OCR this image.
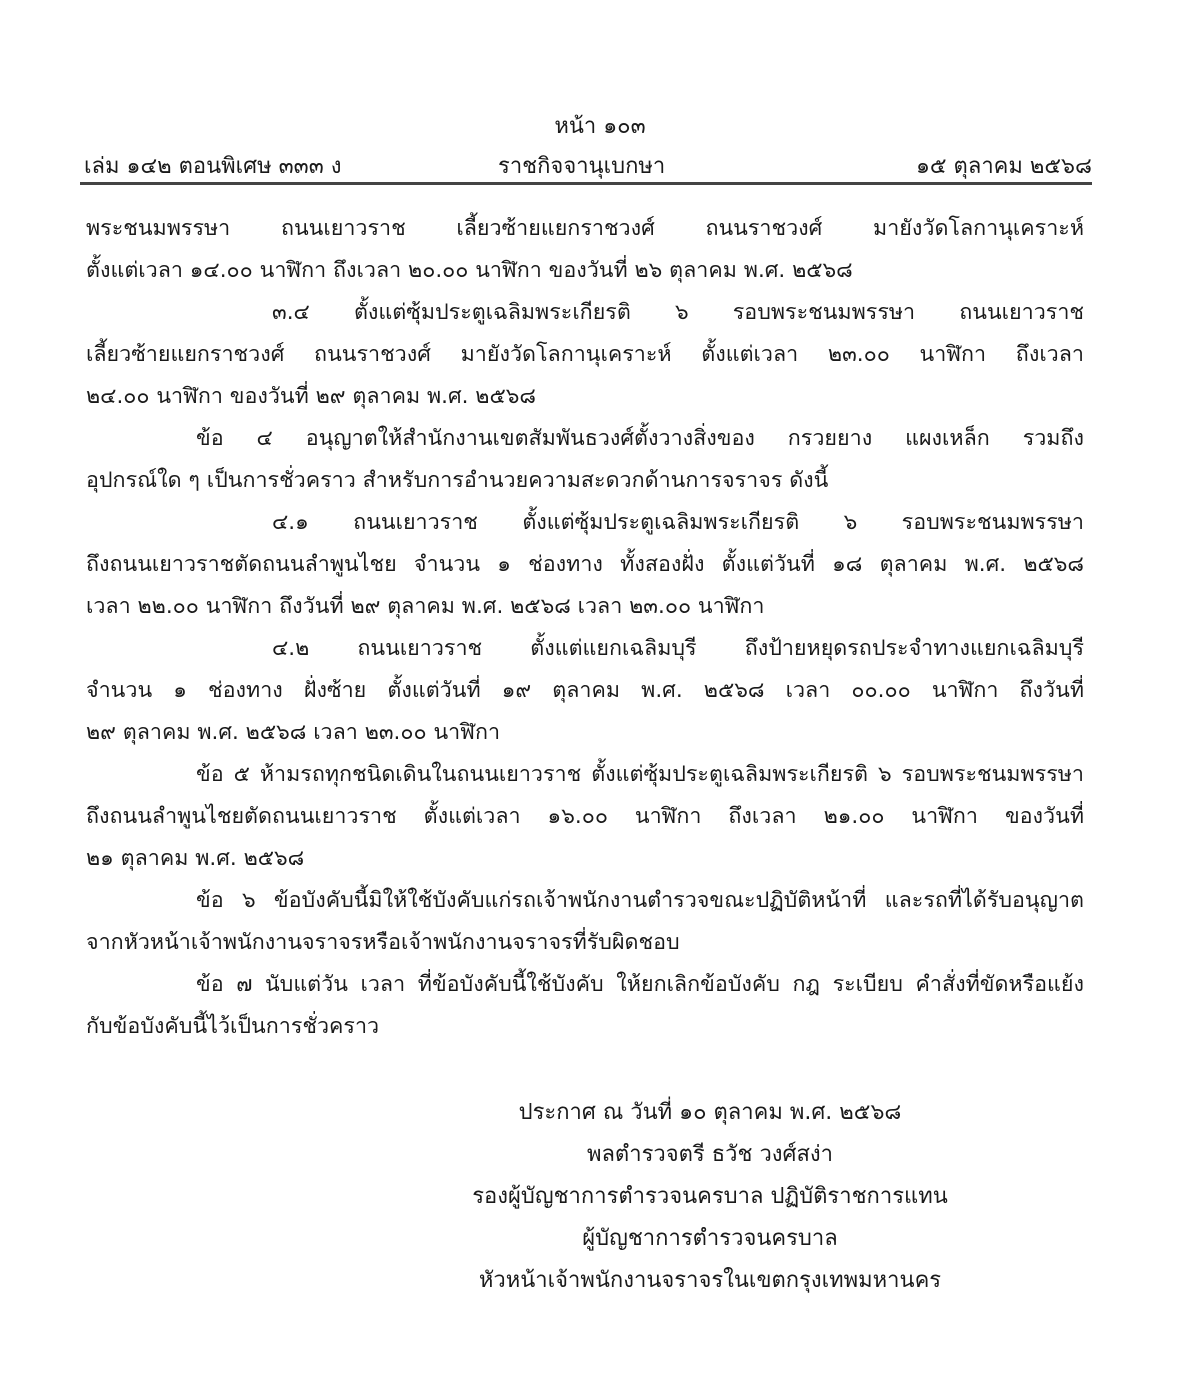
หน้า ๑๐๓
เล่ม ๑๔๒ ตอนพิเศษ ๓๓๓ ง	ราชกิจจานุเบกษา	๑๕ ตุลาคม ๒๕๖๘
พระชนมพรรษา ถนนเยาวราช เลี้ยวซ้ายแยกราชวงศ์ ถนนราชวงศ์ มายังวัดโลกานุเคราะห์
ตั้งแต่เวลา ๑๔.๐๐ นาฬิกา ถึงเวลา ๒๐.๐๐ นาฬิกา ของวันที่ ๒๖ ตุลาคม พ.ศ. ๒๕๖๘
๓.๔ ตั้งแต่ซุ้มประตูเฉลิมพระเกียรติ ๖ รอบพระชนมพรรษา ถนนเยาวราช
เลี้ยวซ้ายแยกราชวงศ์ ถนนราชวงศ์ มายังวัดโลกานุเคราะห์ ตั้งแต่เวลา ๒๓.๐๐ นาฬิกา ถึงเวลา
๒๔.๐๐ นาฬิกา ของวันที่ ๒๙ ตุลาคม พ.ศ. ๒๕๖๘
ข้อ ๔ อนุญาตให้สำนักงานเขตสัมพันธวงศ์ตั้งวางสิ่งของ กรวยยาง แผงเหล็ก รวมถึง
อุปกรณ์ใด ๆ เป็นการชั่วคราว สำหรับการอำนวยความสะดวกด้านการจราจร ดังนี้
๔.๑ ถนนเยาวราช ตั้งแต่ซุ้มประตูเฉลิมพระเกียรติ ๖ รอบพระชนมพรรษา
ถึงถนนเยาวราชตัดถนนลำพูนไชย จำนวน ๑ ช่องทาง ทั้งสองฝั่ง ตั้งแต่วันที่ ๑๘ ตุลาคม พ.ศ. ๒๕๖๘
เวลา ๒๒.๐๐ นาฬิกา ถึงวันที่ ๒๙ ตุลาคม พ.ศ. ๒๕๖๘ เวลา ๒๓.๐๐ นาฬิกา
๔.๒ ถนนเยาวราช ตั้งแต่แยกเฉลิมบุรี ถึงป้ายหยุดรถประจำทางแยกเฉลิมบุรี
จำนวน ๑ ช่องทาง ฝั่งซ้าย ตั้งแต่วันที่ ๑๙ ตุลาคม พ.ศ. ๒๕๖๘ เวลา ๐๐.๐๐ นาฬิกา ถึงวันที่
๒๙ ตุลาคม พ.ศ. ๒๕๖๘ เวลา ๒๓.๐๐ นาฬิกา
ข้อ ๕ ห้ามรถทุกชนิดเดินในถนนเยาวราช ตั้งแต่ซุ้มประตูเฉลิมพระเกียรติ ๖ รอบพระชนมพรรษา
ถึงถนนลำพูนไชยตัดถนนเยาวราช ตั้งแต่เวลา ๑๖.๐๐ นาฬิกา ถึงเวลา ๒๑.๐๐ นาฬิกา ของวันที่
๒๑ ตุลาคม พ.ศ. ๒๕๖๘
ข้อ ๖ ข้อบังคับนี้มิให้ใช้บังคับแก่รถเจ้าพนักงานตำรวจขณะปฏิบัติหน้าที่ และรถที่ได้รับอนุญาต
จากหัวหน้าเจ้าพนักงานจราจรหรือเจ้าพนักงานจราจรที่รับผิดชอบ
ข้อ ๗ นับแต่วัน เวลา ที่ข้อบังคับนี้ใช้บังคับ ให้ยกเลิกข้อบังคับ กฎ ระเบียบ คำสั่งที่ขัดหรือแย้ง
กับข้อบังคับนี้ไว้เป็นการชั่วคราว
ประกาศ ณ วันที่ ๑๐ ตุลาคม พ.ศ. ๒๕๖๘
พลตำรวจตรี ธวัช วงศ์สง่า
รองผู้บัญชาการตำรวจนครบาล ปฏิบัติราชการแทน
ผู้บัญชาการตำรวจนครบาล
หัวหน้าเจ้าพนักงานจราจรในเขตกรุงเทพมหานคร
